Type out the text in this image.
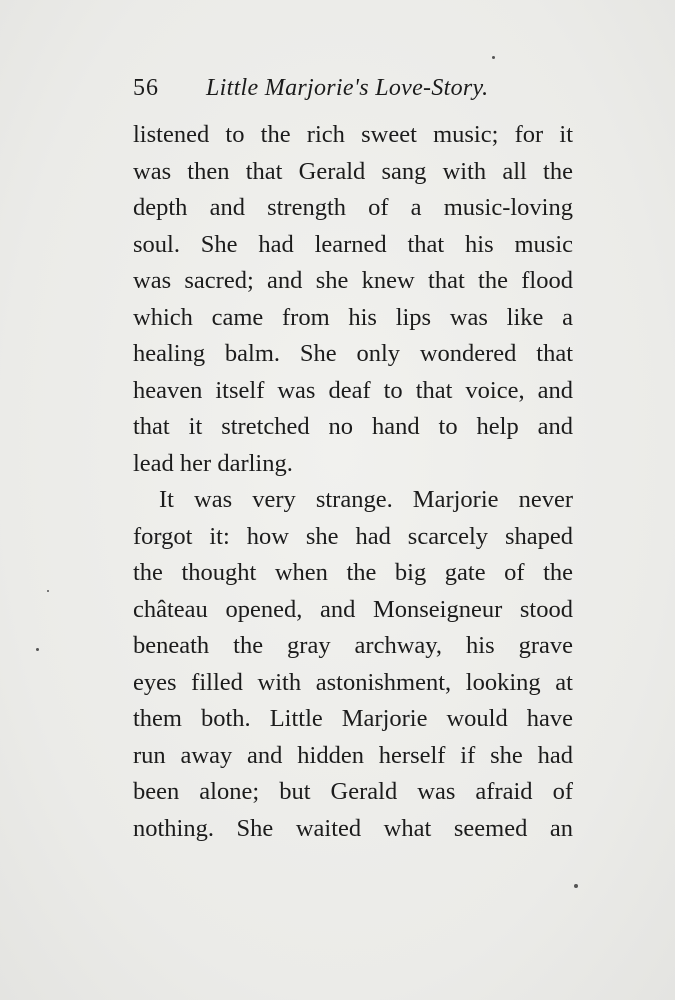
56 Little Marjorie's Love-Story.
listened to the rich sweet music; for it
was then that Gerald sang with all the
depth and strength of a music-loving
soul. She had learned that his music
was sacred; and she knew that the flood
which came from his lips was like a
healing balm. She only wondered that
heaven itself was deaf to that voice, and
that it stretched no hand to help and
lead her darling.
It was very strange. Marjorie never
forgot it: how she had scarcely shaped
the thought when the big gate of the
château opened, and Monseigneur stood
beneath the gray archway, his grave
eyes filled with astonishment, looking at
them both. Little Marjorie would have
run away and hidden herself if she had
been alone; but Gerald was afraid of
nothing. She waited what seemed an
